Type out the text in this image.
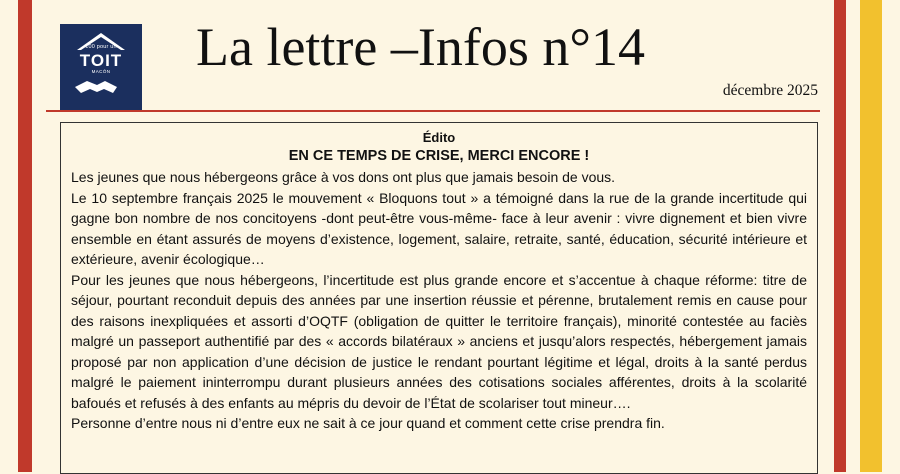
100 pour un
TOIT
MACÔN	La lettre –Infos n°14
décembre 2025
Édito
EN CE TEMPS DE CRISE, MERCI ENCORE !

Les jeunes que nous hébergeons grâce à vos dons ont plus que jamais besoin de vous.

Le 10 septembre français 2025 le mouvement « Bloquons tout » a témoigné dans la rue de la grande incertitude qui gagne bon nombre de nos concitoyens -dont peut-être vous-même- face à leur avenir : vivre dignement et bien vivre ensemble en étant assurés de moyens d’existence, logement, salaire, retraite, santé, éducation, sécurité intérieure et extérieure, avenir écologique…

Pour les jeunes que nous hébergeons, l’incertitude est plus grande encore et s’accentue à chaque réforme: titre de séjour, pourtant reconduit depuis des années par une insertion réussie et pérenne, brutalement remis en cause pour des raisons inexpliquées et assorti d’OQTF (obligation de quitter le territoire français), minorité contestée au faciès malgré un passeport authentifié par des « accords bilatéraux » anciens et jusqu’alors respectés, hébergement jamais proposé par non application d’une décision de justice le rendant pourtant légitime et légal, droits à la santé perdus malgré le paiement ininterrompu durant plusieurs années des cotisations sociales afférentes, droits à la scolarité bafoués et refusés à des enfants au mépris du devoir de l’État de scolariser tout mineur….

Personne d’entre nous ni d’entre eux ne sait à ce jour quand et comment cette crise prendra fin.
